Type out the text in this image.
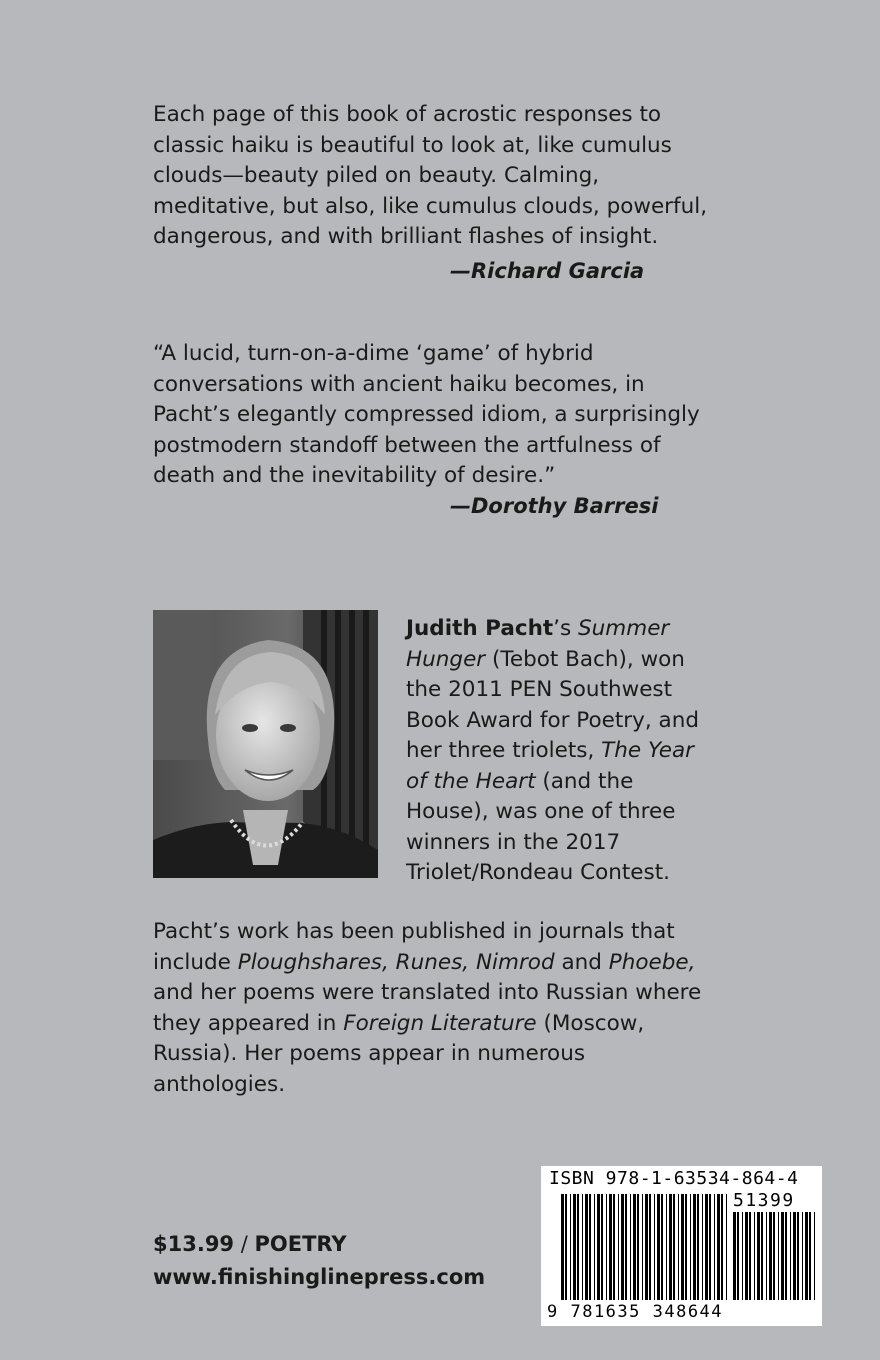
Each page of this book of acrostic responses to classic haiku is beautiful to look at, like cumulus clouds—beauty piled on beauty. Calming, meditative, but also, like cumulus clouds, powerful, dangerous, and with brilliant flashes of insight.

—Richard Garcia

“A lucid, turn-on-a-dime ‘game’ of hybrid conversations with ancient haiku becomes, in Pacht’s elegantly compressed idiom, a surprisingly postmodern standoff between the artfulness of death and the inevitability of desire.”

—Dorothy Barresi

Judith Pacht’s Summer Hunger (Tebot Bach), won the 2011 PEN Southwest Book Award for Poetry, and her three triolets, The Year of the Heart (and the House), was one of three winners in the 2017 Triolet/Rondeau Contest.

Pacht’s work has been published in journals that include Ploughshares, Runes, Nimrod and Phoebe, and her poems were translated into Russian where they appeared in Foreign Literature (Moscow, Russia). Her poems appear in numerous anthologies.

$13.99 / POETRY
www.finishinglinepress.com
ISBN 978-1-63534-864-4
51399
9 781635 348644
